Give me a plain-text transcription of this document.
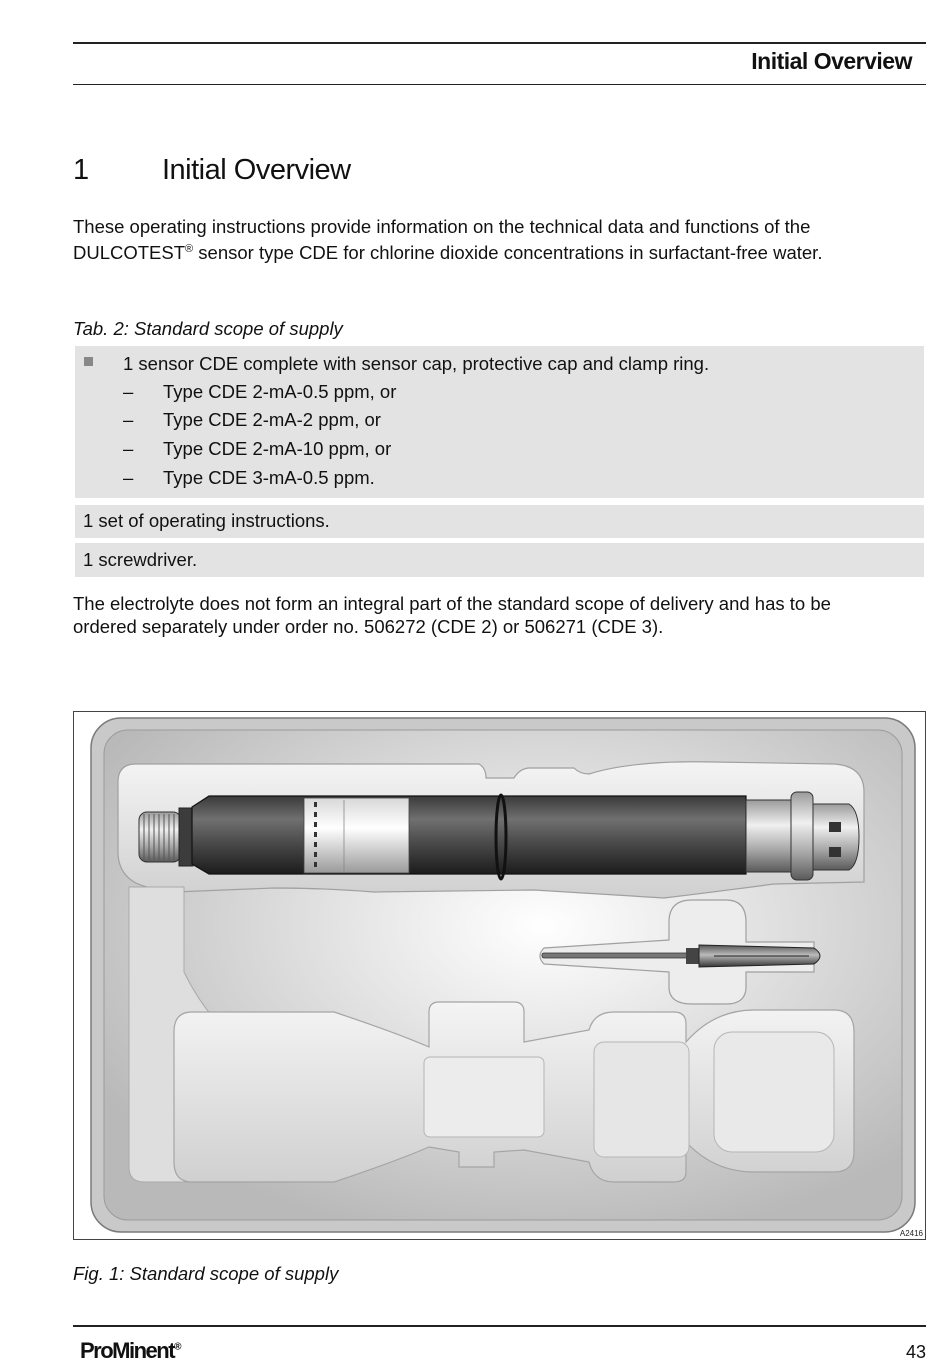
Initial Overview
1	Initial Overview
These operating instructions provide information on the technical data and functions of the
DULCOTEST® sensor type CDE for chlorine dioxide concentrations in surfactant-free water.
Tab. 2: Standard scope of supply
1 sensor CDE complete with sensor cap, protective cap and clamp ring.
– Type CDE 2-mA-0.5 ppm, or
– Type CDE 2-mA-2 ppm, or
– Type CDE 2-mA-10 ppm, or
– Type CDE 3-mA-0.5 ppm.
1 set of operating instructions.
1 screwdriver.
The electrolyte does not form an integral part of the standard scope of delivery and has to be
ordered separately under order no. 506272 (CDE 2) or 506271 (CDE 3).
A2416
Fig. 1: Standard scope of supply
ProMinent®	43
